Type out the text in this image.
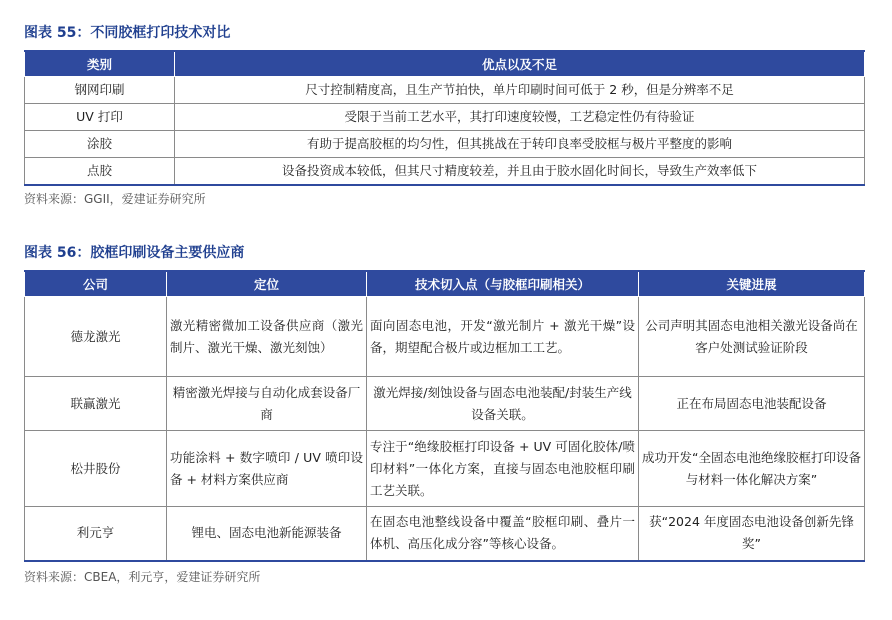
图表 55：不同胶框打印技术对比
类别	优点以及不足
钢网印刷	尺寸控制精度高，且生产节拍快，单片印刷时间可低于 2 秒，但是分辨率不足
UV 打印	受限于当前工艺水平，其打印速度较慢，工艺稳定性仍有待验证
涂胶	有助于提高胶框的均匀性，但其挑战在于转印良率受胶框与极片平整度的影响
点胶	设备投资成本较低，但其尺寸精度较差，并且由于胶水固化时间长，导致生产效率低下
资料来源：GGII，爱建证券研究所
图表 56：胶框印刷设备主要供应商
公司	定位	技术切入点（与胶框印刷相关）	关键进展
德龙激光	激光精密微加工设备供应商（激光制片、激光干燥、激光刻蚀）	面向固态电池，开发“激光制片 + 激光干燥”设备，期望配合极片或边框加工工艺。	公司声明其固态电池相关激光设备尚在客户处测试验证阶段
联赢激光	精密激光焊接与自动化成套设备厂商	激光焊接/刻蚀设备与固态电池装配/封装生产线设备关联。	正在布局固态电池装配设备
松井股份	功能涂料 + 数字喷印 / UV 喷印设备 + 材料方案供应商	专注于“绝缘胶框打印设备 + UV 可固化胶体/喷印材料”一体化方案，直接与固态电池胶框印刷工艺关联。	成功开发“全固态电池绝缘胶框打印设备与材料一体化解决方案”
利元亨	锂电、固态电池新能源装备	在固态电池整线设备中覆盖“胶框印刷、叠片一体机、高压化成分容”等核心设备。	获“2024 年度固态电池设备创新先锋奖”
资料来源：CBEA，利元亨，爱建证券研究所
